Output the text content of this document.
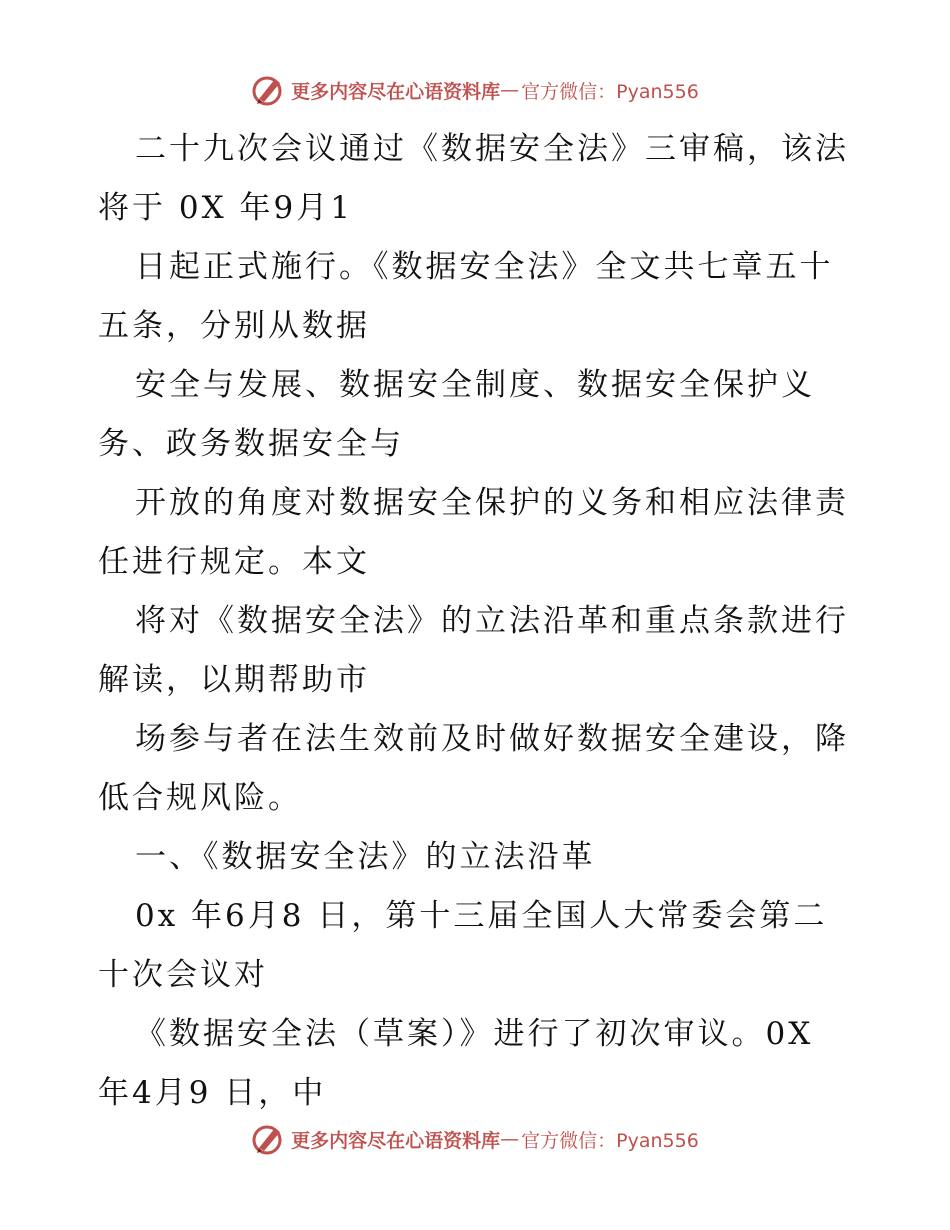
更多内容尽在心语资料库 — 官方微信：Pyan556
二十九次会议通过《数据安全法》三审稿，该法
将于 0X 年9月1
日起正式施行。《数据安全法》全文共七章五十
五条，分别从数据
安全与发展、数据安全制度、数据安全保护义
务、政务数据安全与
开放的角度对数据安全保护的义务和相应法律责
任进行规定。本文
将对《数据安全法》的立法沿革和重点条款进行
解读，以期帮助市
场参与者在法生效前及时做好数据安全建设，降
低合规风险。
一、《数据安全法》的立法沿革
0x 年6月8 日，第十三届全国人大常委会第二
十次会议对
《数据安全法（草案）》进行了初次审议。0X
年4月9 日，中
更多内容尽在心语资料库 — 官方微信：Pyan556
